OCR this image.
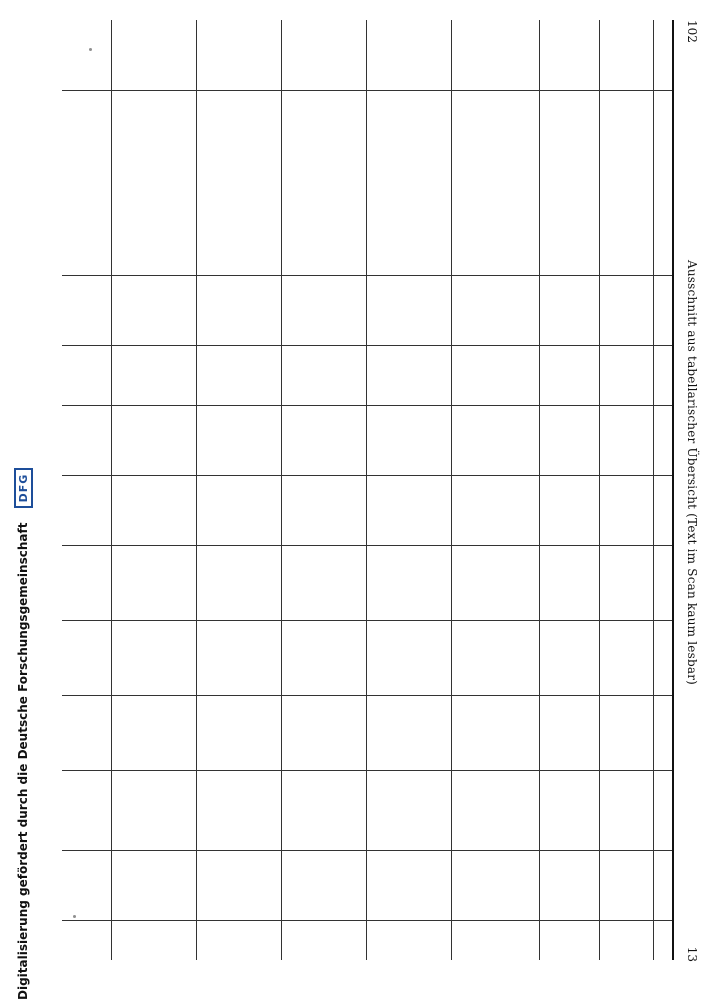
102
Ausschnitt aus tabellarischer Übersicht (Text im Scan kaum lesbar)
13
Digitalisierung gefördert durch die Deutsche Forschungsgemeinschaft DFG
